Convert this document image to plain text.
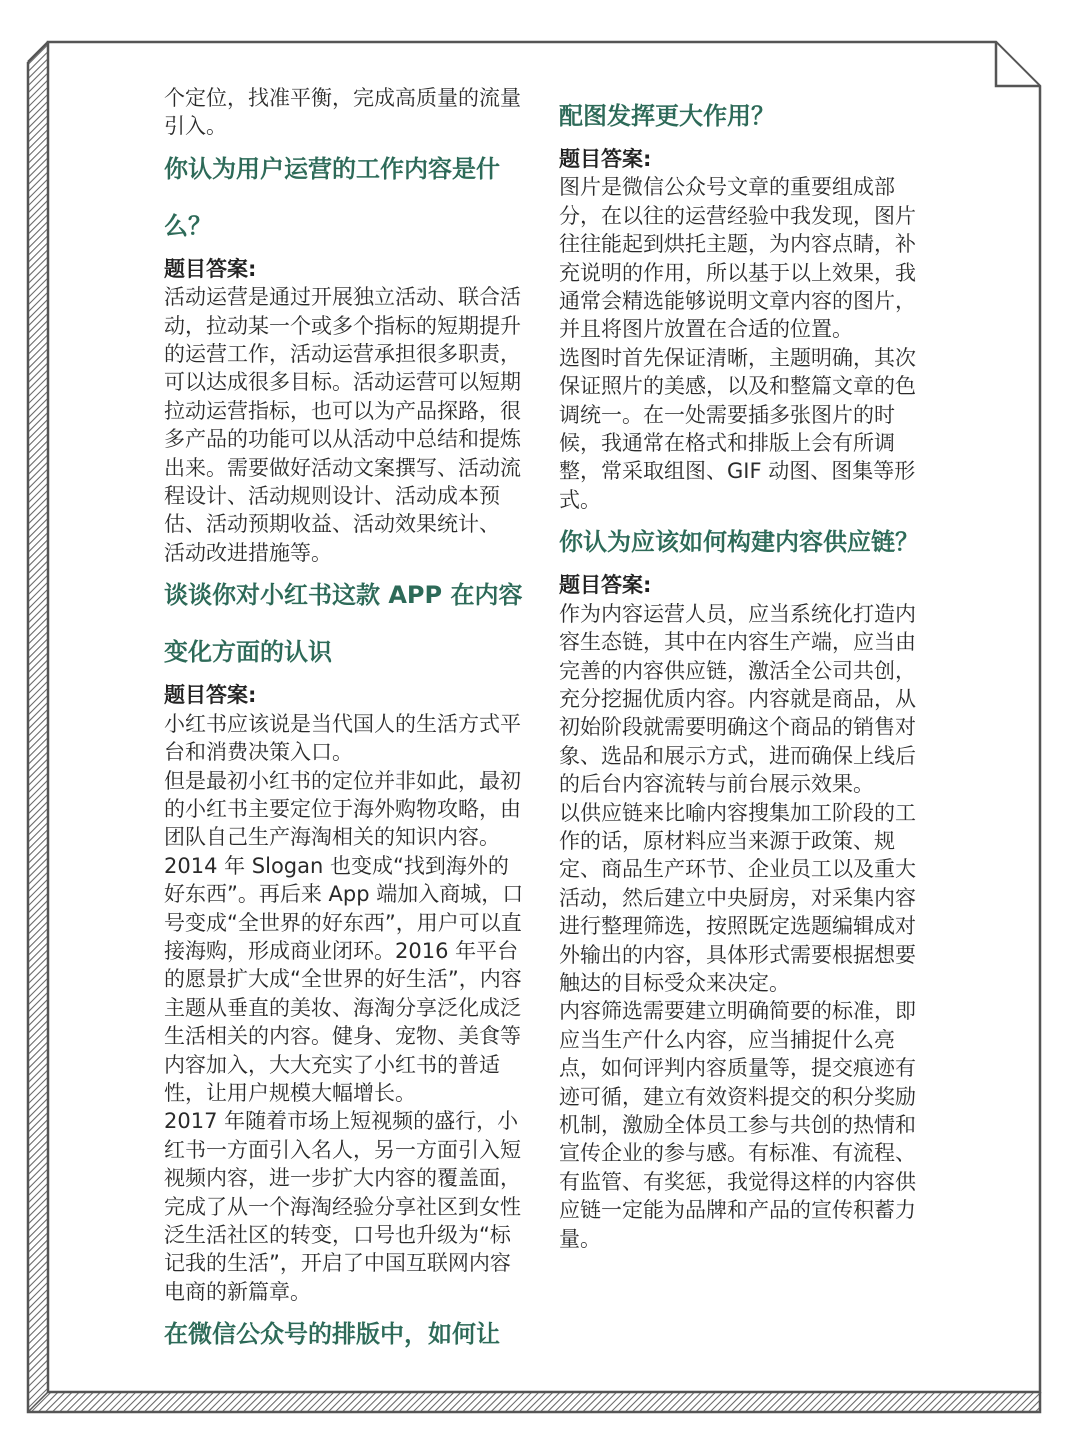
个定位，找准平衡，完成高质量的流量引入。

你认为用户运营的工作内容是什么？

题目答案:

活动运营是通过开展独立活动、联合活动，拉动某一个或多个指标的短期提升的运营工作，活动运营承担很多职责，可以达成很多目标。活动运营可以短期拉动运营指标，也可以为产品探路，很多产品的功能可以从活动中总结和提炼出来。需要做好活动文案撰写、活动流程设计、活动规则设计、活动成本预估、活动预期收益、活动效果统计、 活动改进措施等。

谈谈你对小红书这款 APP 在内容变化方面的认识

题目答案:

小红书应该说是当代国人的生活方式平台和消费决策入口。

但是最初小红书的定位并非如此，最初的小红书主要定位于海外购物攻略，由团队自己生产海淘相关的知识内容。2014 年 Slogan 也变成“找到海外的好东西”。再后来 App 端加入商城，口号变成“全世界的好东西”，用户可以直接海购，形成商业闭环。2016 年平台的愿景扩大成“全世界的好生活”，内容主题从垂直的美妆、海淘分享泛化成泛生活相关的内容。健身、宠物、美食等内容加入，大大充实了小红书的普适性，让用户规模大幅增长。

2017 年随着市场上短视频的盛行，小红书一方面引入名人，另一方面引入短视频内容，进一步扩大内容的覆盖面，完成了从一个海淘经验分享社区到女性泛生活社区的转变，口号也升级为“标记我的生活”，开启了中国互联网内容电商的新篇章。

在微信公众号的排版中，如何让
配图发挥更大作用？

题目答案:

图片是微信公众号文章的重要组成部分，在以往的运营经验中我发现，图片往往能起到烘托主题，为内容点睛，补充说明的作用，所以基于以上效果，我通常会精选能够说明文章内容的图片，并且将图片放置在合适的位置。

选图时首先保证清晰，主题明确，其次保证照片的美感，以及和整篇文章的色调统一。在一处需要插多张图片的时候，我通常在格式和排版上会有所调整，常采取组图、GIF 动图、图集等形式。

你认为应该如何构建内容供应链？

题目答案:

作为内容运营人员，应当系统化打造内容生态链，其中在内容生产端，应当由完善的内容供应链，激活全公司共创，充分挖掘优质内容。内容就是商品，从初始阶段就需要明确这个商品的销售对象、选品和展示方式，进而确保上线后的后台内容流转与前台展示效果。

以供应链来比喻内容搜集加工阶段的工作的话，原材料应当来源于政策、规定、商品生产环节、企业员工以及重大活动，然后建立中央厨房，对采集内容进行整理筛选，按照既定选题编辑成对外输出的内容，具体形式需要根据想要触达的目标受众来决定。

内容筛选需要建立明确简要的标准，即应当生产什么内容，应当捕捉什么亮点，如何评判内容质量等，提交痕迹有迹可循，建立有效资料提交的积分奖励机制，激励全体员工参与共创的热情和宣传企业的参与感。有标准、有流程、有监管、有奖惩，我觉得这样的内容供应链一定能为品牌和产品的宣传积蓄力量。
